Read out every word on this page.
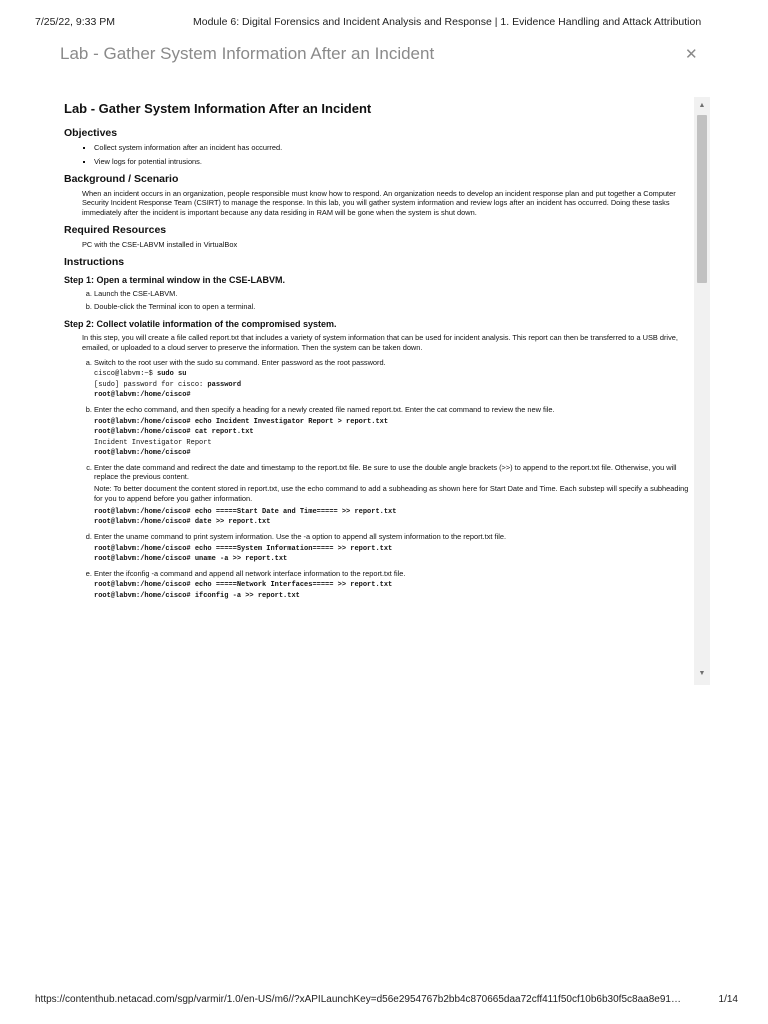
7/25/22, 9:33 PM	Module 6: Digital Forensics and Incident Analysis and Response | 1. Evidence Handling and Attack Attribution
Lab - Gather System Information After an Incident	✕
Lab - Gather System Information After an Incident
Objectives
▪ Collect system information after an incident has occurred.
▪ View logs for potential intrusions.
Background / Scenario

When an incident occurs in an organization, people responsible must know how to respond. An organization needs to develop an incident response plan and put together a Computer Security Incident Response Team (CSIRT) to manage the response. In this lab, you will gather system information and review logs after an incident has occurred. Doing these tasks immediately after the incident is important because any data residing in RAM will be gone when the system is shut down.

Required Resources

PC with the CSE-LABVM installed in VirtualBox

Instructions
Step 1: Open a terminal window in the CSE-LABVM.
a. Launch the CSE-LABVM.
b. Double-click the Terminal icon to open a terminal.
Step 2: Collect volatile information of the compromised system.

In this step, you will create a file called report.txt that includes a variety of system information that can be used for incident analysis. This report can then be transferred to a USB drive, emailed, or uploaded to a cloud server to preserve the information. Then the system can be taken down.

a. Switch to the root user with the sudo su command. Enter password as the root password.
cisco@labvm:~$ sudo su
[sudo] password for cisco: password
root@labvm:/home/cisco#
b. Enter the echo command, and then specify a heading for a newly created file named report.txt. Enter the cat command to review the new file.
root@labvm:/home/cisco# echo Incident Investigator Report > report.txt
root@labvm:/home/cisco# cat report.txt
Incident Investigator Report
root@labvm:/home/cisco#
c. Enter the date command and redirect the date and timestamp to the report.txt file. Be sure to use the double angle brackets (>>) to append to the report.txt file. Otherwise, you will replace the previous content.
Note: To better document the content stored in report.txt, use the echo command to add a subheading as shown here for Start Date and Time. Each substep will specify a subheading for you to append before you gather information.
root@labvm:/home/cisco# echo =====Start Date and Time===== >> report.txt
root@labvm:/home/cisco# date >> report.txt
d. Enter the uname command to print system information. Use the -a option to append all system information to the report.txt file.
root@labvm:/home/cisco# echo =====System Information===== >> report.txt
root@labvm:/home/cisco# uname -a >> report.txt
e. Enter the ifconfig -a command and append all network interface information to the report.txt file.
root@labvm:/home/cisco# echo =====Network Interfaces===== >> report.txt
root@labvm:/home/cisco# ifconfig -a >> report.txt
▲
▼
https://contenthub.netacad.com/sgp/varmir/1.0/en-US/m6//?xAPILaunchKey=d56e2954767b2bb4c870665daa72cff411f50cf10b6b30f5c8aa8e91…	1/14
